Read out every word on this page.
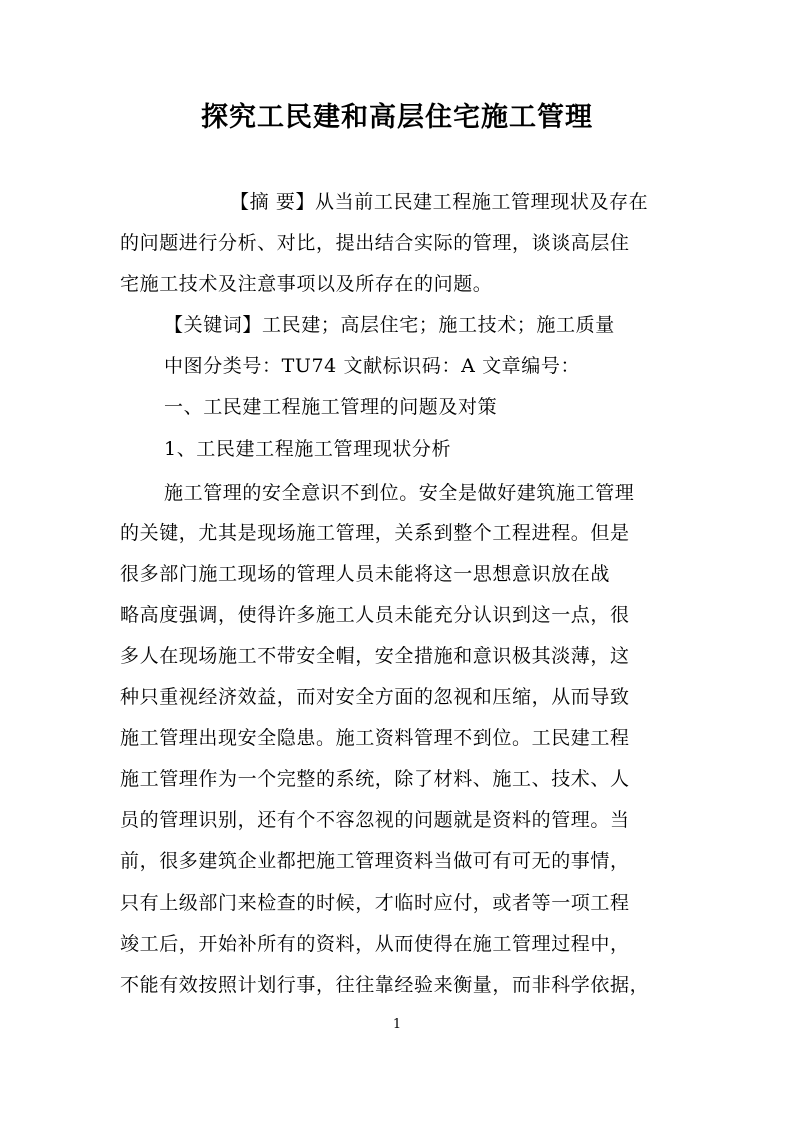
探究工民建和高层住宅施工管理
【摘 要】从当前工民建工程施工管理现状及存在
的问题进行分析、对比，提出结合实际的管理，谈谈高层住
宅施工技术及注意事项以及所存在的问题。
【关键词】工民建；高层住宅；施工技术；施工质量
中图分类号：TU74 文献标识码：A 文章编号：
一、工民建工程施工管理的问题及对策
1、工民建工程施工管理现状分析
施工管理的安全意识不到位。安全是做好建筑施工管理
的关键，尤其是现场施工管理，关系到整个工程进程。但是
很多部门施工现场的管理人员未能将这一思想意识放在战
略高度强调，使得许多施工人员未能充分认识到这一点，很
多人在现场施工不带安全帽，安全措施和意识极其淡薄，这
种只重视经济效益，而对安全方面的忽视和压缩，从而导致
施工管理出现安全隐患。施工资料管理不到位。工民建工程
施工管理作为一个完整的系统，除了材料、施工、技术、人
员的管理识别，还有个不容忽视的问题就是资料的管理。当
前，很多建筑企业都把施工管理资料当做可有可无的事情，
只有上级部门来检查的时候，才临时应付，或者等一项工程
竣工后，开始补所有的资料，从而使得在施工管理过程中，
不能有效按照计划行事，往往靠经验来衡量，而非科学依据，
1
